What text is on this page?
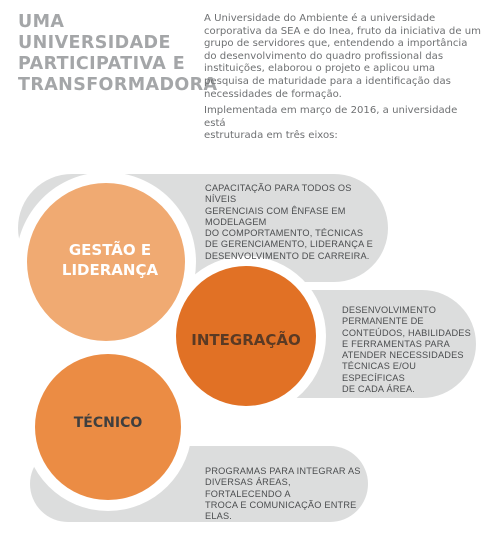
UMA UNIVERSIDADE
PARTICIPATIVA E
TRANSFORMADORA

A Universidade do Ambiente é a universidade
corporativa da SEA e do Inea, fruto da iniciativa de um
grupo de servidores que, entendendo a importância
do desenvolvimento do quadro profissional das
instituições, elaborou o projeto e aplicou uma
pesquisa de maturidade para a identificação das
necessidades de formação.

Implementada em março de 2016, a universidade está
estruturada em três eixos:

GESTÃO E
LIDERANÇA
INTEGRAÇÃO
TÉCNICO
CAPACITAÇÃO PARA TODOS OS NÍVEIS
GERENCIAIS COM ÊNFASE EM MODELAGEM
DO COMPORTAMENTO, TÉCNICAS
DE GERENCIAMENTO, LIDERANÇA E
DESENVOLVIMENTO DE CARREIRA.
DESENVOLVIMENTO
PERMANENTE DE
CONTEÚDOS, HABILIDADES
E FERRAMENTAS PARA
ATENDER NECESSIDADES
TÉCNICAS E/OU ESPECÍFICAS
DE CADA ÁREA.
PROGRAMAS PARA INTEGRAR AS
DIVERSAS ÁREAS, FORTALECENDO A
TROCA E COMUNICAÇÃO ENTRE ELAS.
